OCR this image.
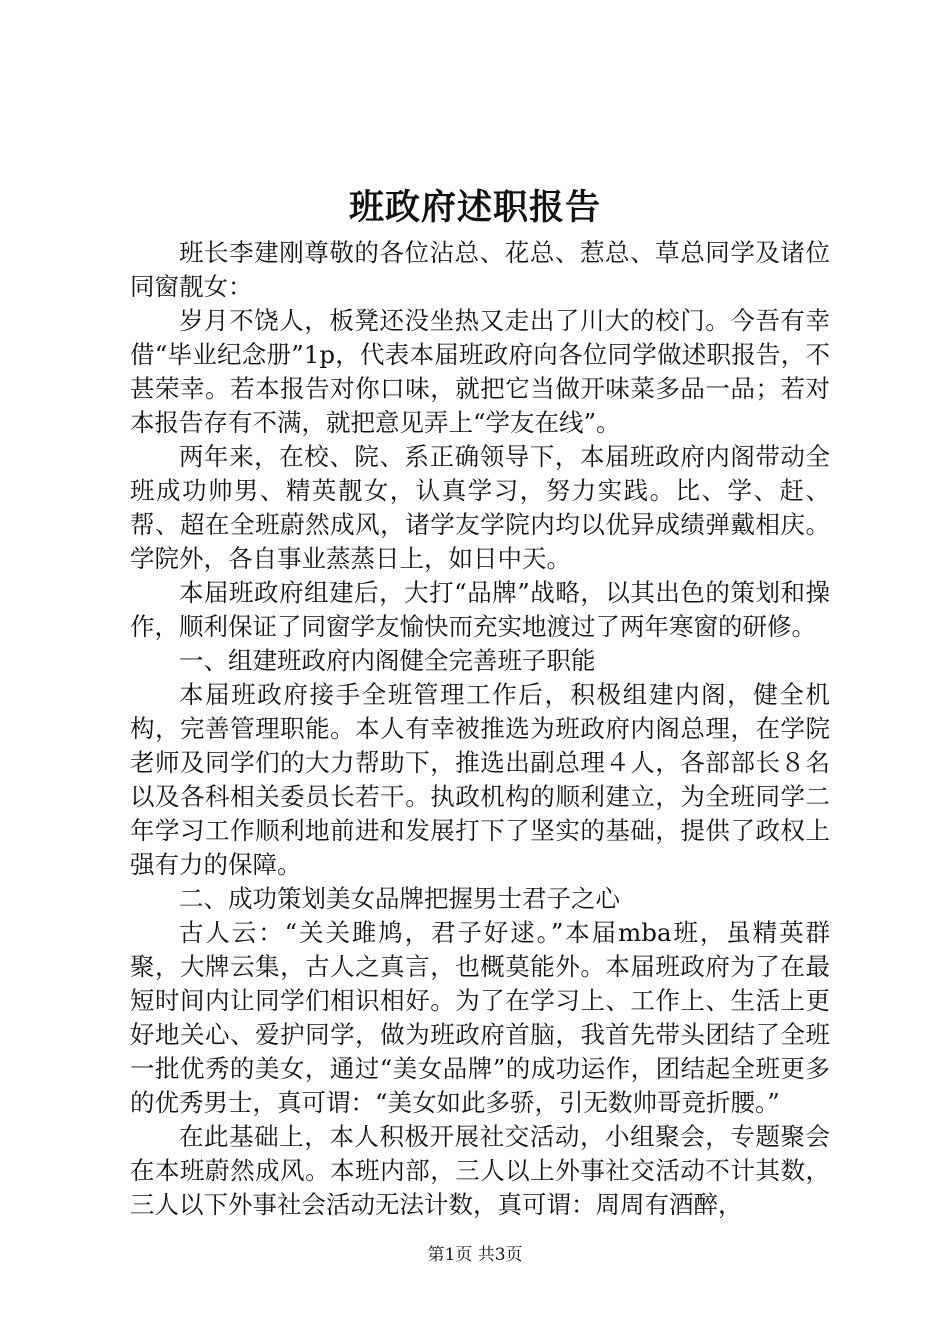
班政府述职报告

班长李建刚尊敬的各位沾总、花总、惹总、草总同学及诸位同窗靓女：

岁月不饶人，板凳还没坐热又走出了川大的校门。今吾有幸借“毕业纪念册”1p，代表本届班政府向各位同学做述职报告，不甚荣幸。若本报告对你口味，就把它当做开味菜多品一品；若对本报告存有不满，就把意见弄上“学友在线”。

两年来，在校、院、系正确领导下，本届班政府内阁带动全班成功帅男、精英靓女，认真学习，努力实践。比、学、赶、帮、超在全班蔚然成风，诸学友学院内均以优异成绩弹戴相庆。学院外，各自事业蒸蒸日上，如日中天。

本届班政府组建后，大打“品牌”战略，以其出色的策划和操作，顺利保证了同窗学友愉快而充实地渡过了两年寒窗的研修。

一、组建班政府内阁健全完善班子职能

本届班政府接手全班管理工作后，积极组建内阁，健全机构，完善管理职能。本人有幸被推选为班政府内阁总理，在学院老师及同学们的大力帮助下，推选出副总理４人，各部部长８名以及各科相关委员长若干。执政机构的顺利建立，为全班同学二年学习工作顺利地前进和发展打下了坚实的基础，提供了政权上强有力的保障。

二、成功策划美女品牌把握男士君子之心

古人云：“关关雎鸠，君子好逑。”本届mba班，虽精英群聚，大牌云集，古人之真言，也概莫能外。本届班政府为了在最短时间内让同学们相识相好。为了在学习上、工作上、生活上更好地关心、爱护同学，做为班政府首脑，我首先带头团结了全班一批优秀的美女，通过“美女品牌”的成功运作，团结起全班更多的优秀男士，真可谓：“美女如此多骄，引无数帅哥竞折腰。”

在此基础上，本人积极开展社交活动，小组聚会，专题聚会在本班蔚然成风。本班内部，三人以上外事社交活动不计其数，三人以下外事社会活动无法计数，真可谓：周周有酒醉，

第1页 共3页
